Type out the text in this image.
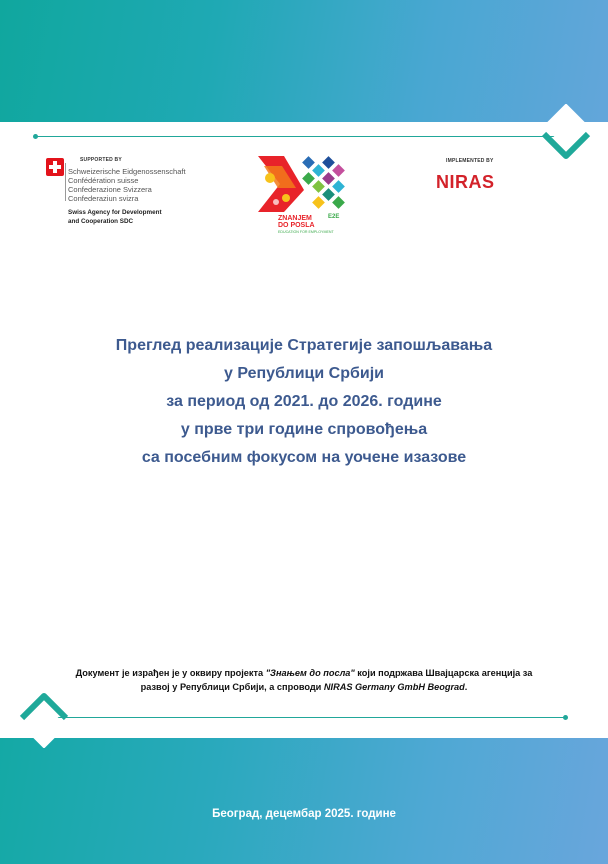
SUPPORTED BY
Schweizerische Eidgenossenschaft
Confédération suisse
Confederazione Svizzera
Confederaziun svizra
Swiss Agency for Development
and Cooperation SDC	ZNANJEM
DO POSLA
EDUCATION FOR EMPLOYMENT
E2E
IMPLEMENTED BY
NIRAS
Преглед реализације Стратегије запошљавања
у Републици Србији
за период од 2021. до 2026. године
у прве три године спровођења
са посебним фокусом на уочене изазове
Документ је израђен је у оквиру пројекта "Знањем до посла" који подржава Швајцарска агенција за развој у Републици Србији, а спроводи NIRAS Germany GmbH Beograd.
Београд, децембар 2025. године
